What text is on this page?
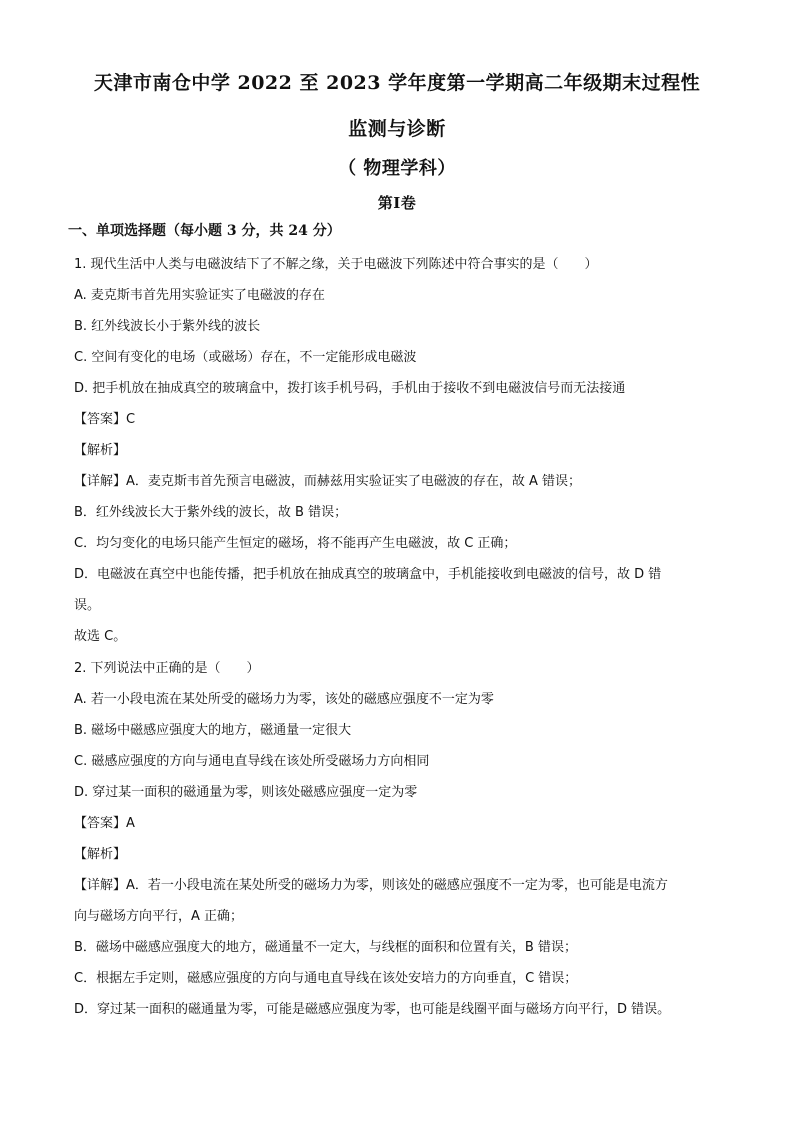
天津市南仓中学 2022 至 2023 学年度第一学期高二年级期末过程性
监测与诊断
（ 物理学科）
第Ⅰ卷
一、单项选择题（每小题 3 分，共 24 分）
1. 现代生活中人类与电磁波结下了不解之缘，关于电磁波下列陈述中符合事实的是（　　）
A. 麦克斯韦首先用实验证实了电磁波的存在
B. 红外线波长小于紫外线的波长
C. 空间有变化的电场（或磁场）存在，不一定能形成电磁波
D. 把手机放在抽成真空的玻璃盒中，拨打该手机号码，手机由于接收不到电磁波信号而无法接通
【答案】C
【解析】
【详解】A．麦克斯韦首先预言电磁波，而赫兹用实验证实了电磁波的存在，故 A 错误；
B．红外线波长大于紫外线的波长，故 B 错误；
C．均匀变化的电场只能产生恒定的磁场，将不能再产生电磁波，故 C 正确；
D．电磁波在真空中也能传播，把手机放在抽成真空的玻璃盒中，手机能接收到电磁波的信号，故 D 错
误。
故选 C。
2. 下列说法中正确的是（　　）
A. 若一小段电流在某处所受的磁场力为零，该处的磁感应强度不一定为零
B. 磁场中磁感应强度大的地方，磁通量一定很大
C. 磁感应强度的方向与通电直导线在该处所受磁场力方向相同
D. 穿过某一面积的磁通量为零，则该处磁感应强度一定为零
【答案】A
【解析】
【详解】A．若一小段电流在某处所受的磁场力为零，则该处的磁感应强度不一定为零，也可能是电流方
向与磁场方向平行，A 正确；
B．磁场中磁感应强度大的地方，磁通量不一定大，与线框的面积和位置有关，B 错误；
C．根据左手定则，磁感应强度的方向与通电直导线在该处安培力的方向垂直，C 错误；
D．穿过某一面积的磁通量为零，可能是磁感应强度为零，也可能是线圈平面与磁场方向平行，D 错误。
